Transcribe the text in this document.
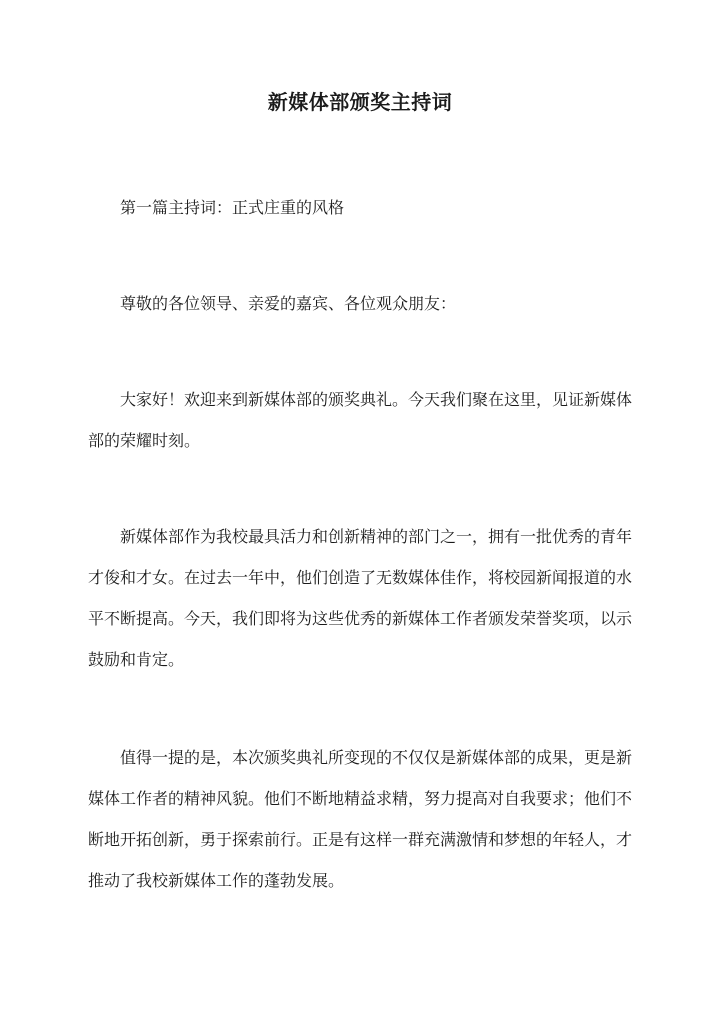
新媒体部颁奖主持词

第一篇主持词：正式庄重的风格

尊敬的各位领导、亲爱的嘉宾、各位观众朋友：

大家好！欢迎来到新媒体部的颁奖典礼。今天我们聚在这里，见证新媒体部的荣耀时刻。

新媒体部作为我校最具活力和创新精神的部门之一，拥有一批优秀的青年才俊和才女。在过去一年中，他们创造了无数媒体佳作，将校园新闻报道的水平不断提高。今天，我们即将为这些优秀的新媒体工作者颁发荣誉奖项，以示鼓励和肯定。

值得一提的是，本次颁奖典礼所变现的不仅仅是新媒体部的成果，更是新媒体工作者的精神风貌。他们不断地精益求精，努力提高对自我要求；他们不断地开拓创新，勇于探索前行。正是有这样一群充满激情和梦想的年轻人，才推动了我校新媒体工作的蓬勃发展。
